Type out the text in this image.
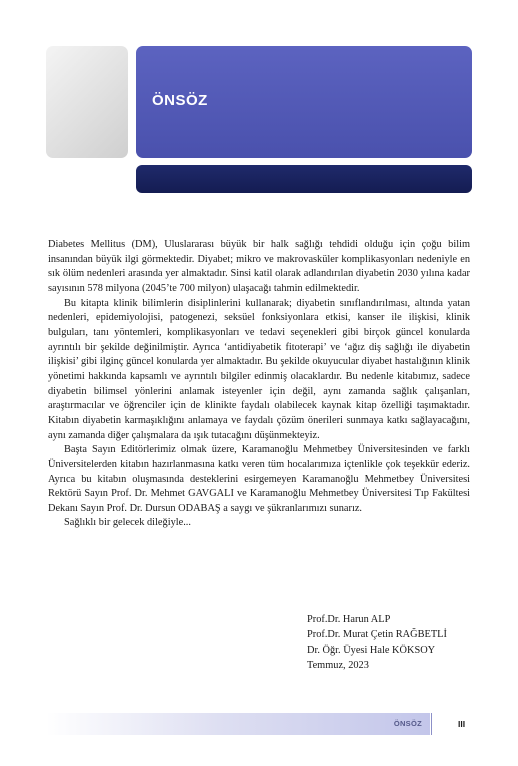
ÖNSÖZ

Diabetes Mellitus (DM), Uluslararası büyük bir halk sağlığı tehdidi olduğu için çoğu bilim insanından büyük ilgi görmektedir. Diyabet; mikro ve makrovasküler komplikasyonları nedeniyle en sık ölüm nedenleri arasında yer almaktadır. Sinsi katil olarak adlandırılan diyabetin 2030 yılına kadar sayısının 578 milyona (2045’te 700 milyon) ulaşacağı tahmin edilmektedir.

Bu kitapta klinik bilimlerin disiplinlerini kullanarak; diyabetin sınıflandırılması, altında yatan nedenleri, epidemiyolojisi, patogenezi, seksüel fonksiyonlara etkisi, kanser ile ilişkisi, klinik bulguları, tanı yöntemleri, komplikasyonları ve tedavi seçenekleri gibi birçok güncel konularda ayrıntılı bir şekilde değinilmiştir. Ayrıca ‘antidiyabetik fitoterapi’ ve ‘ağız diş sağlığı ile diyabetin ilişkisi’ gibi ilginç güncel konularda yer almaktadır. Bu şekilde okuyucular diyabet hastalığının klinik yönetimi hakkında kapsamlı ve ayrıntılı bilgiler edinmiş olacaklardır. Bu nedenle kitabımız, sadece diyabetin bilimsel yönlerini anlamak isteyenler için değil, aynı zamanda sağlık çalışanları, araştırmacılar ve öğrenciler için de klinikte faydalı olabilecek kaynak kitap özelliği taşımaktadır. Kitabın diyabetin karmaşıklığını anlamaya ve faydalı çözüm önerileri sunmaya katkı sağlayacağını, aynı zamanda diğer çalışmalara da ışık tutacağını düşünmekteyiz.

Başta Sayın Editörlerimiz olmak üzere, Karamanoğlu Mehmetbey Üniversitesinden ve farklı Üniversitelerden kitabın hazırlanmasına katkı veren tüm hocalarımıza içtenlikle çok teşekkür ederiz. Ayrıca bu kitabın oluşmasında desteklerini esirgemeyen Karamanoğlu Mehmetbey Üniversitesi Rektörü Sayın Prof. Dr. Mehmet GAVGALI ve Karamanoğlu Mehmetbey Üniversitesi Tıp Fakültesi Dekanı Sayın Prof. Dr. Dursun ODABAŞ a saygı ve şükranlarımızı sunarız.

Sağlıklı bir gelecek dileğiyle...

Prof.Dr. Harun ALP
Prof.Dr. Murat Çetin RAĞBETLİ
Dr. Öğr. Üyesi Hale KÖKSOY
Temmuz, 2023
ÖNSÖZ	III
